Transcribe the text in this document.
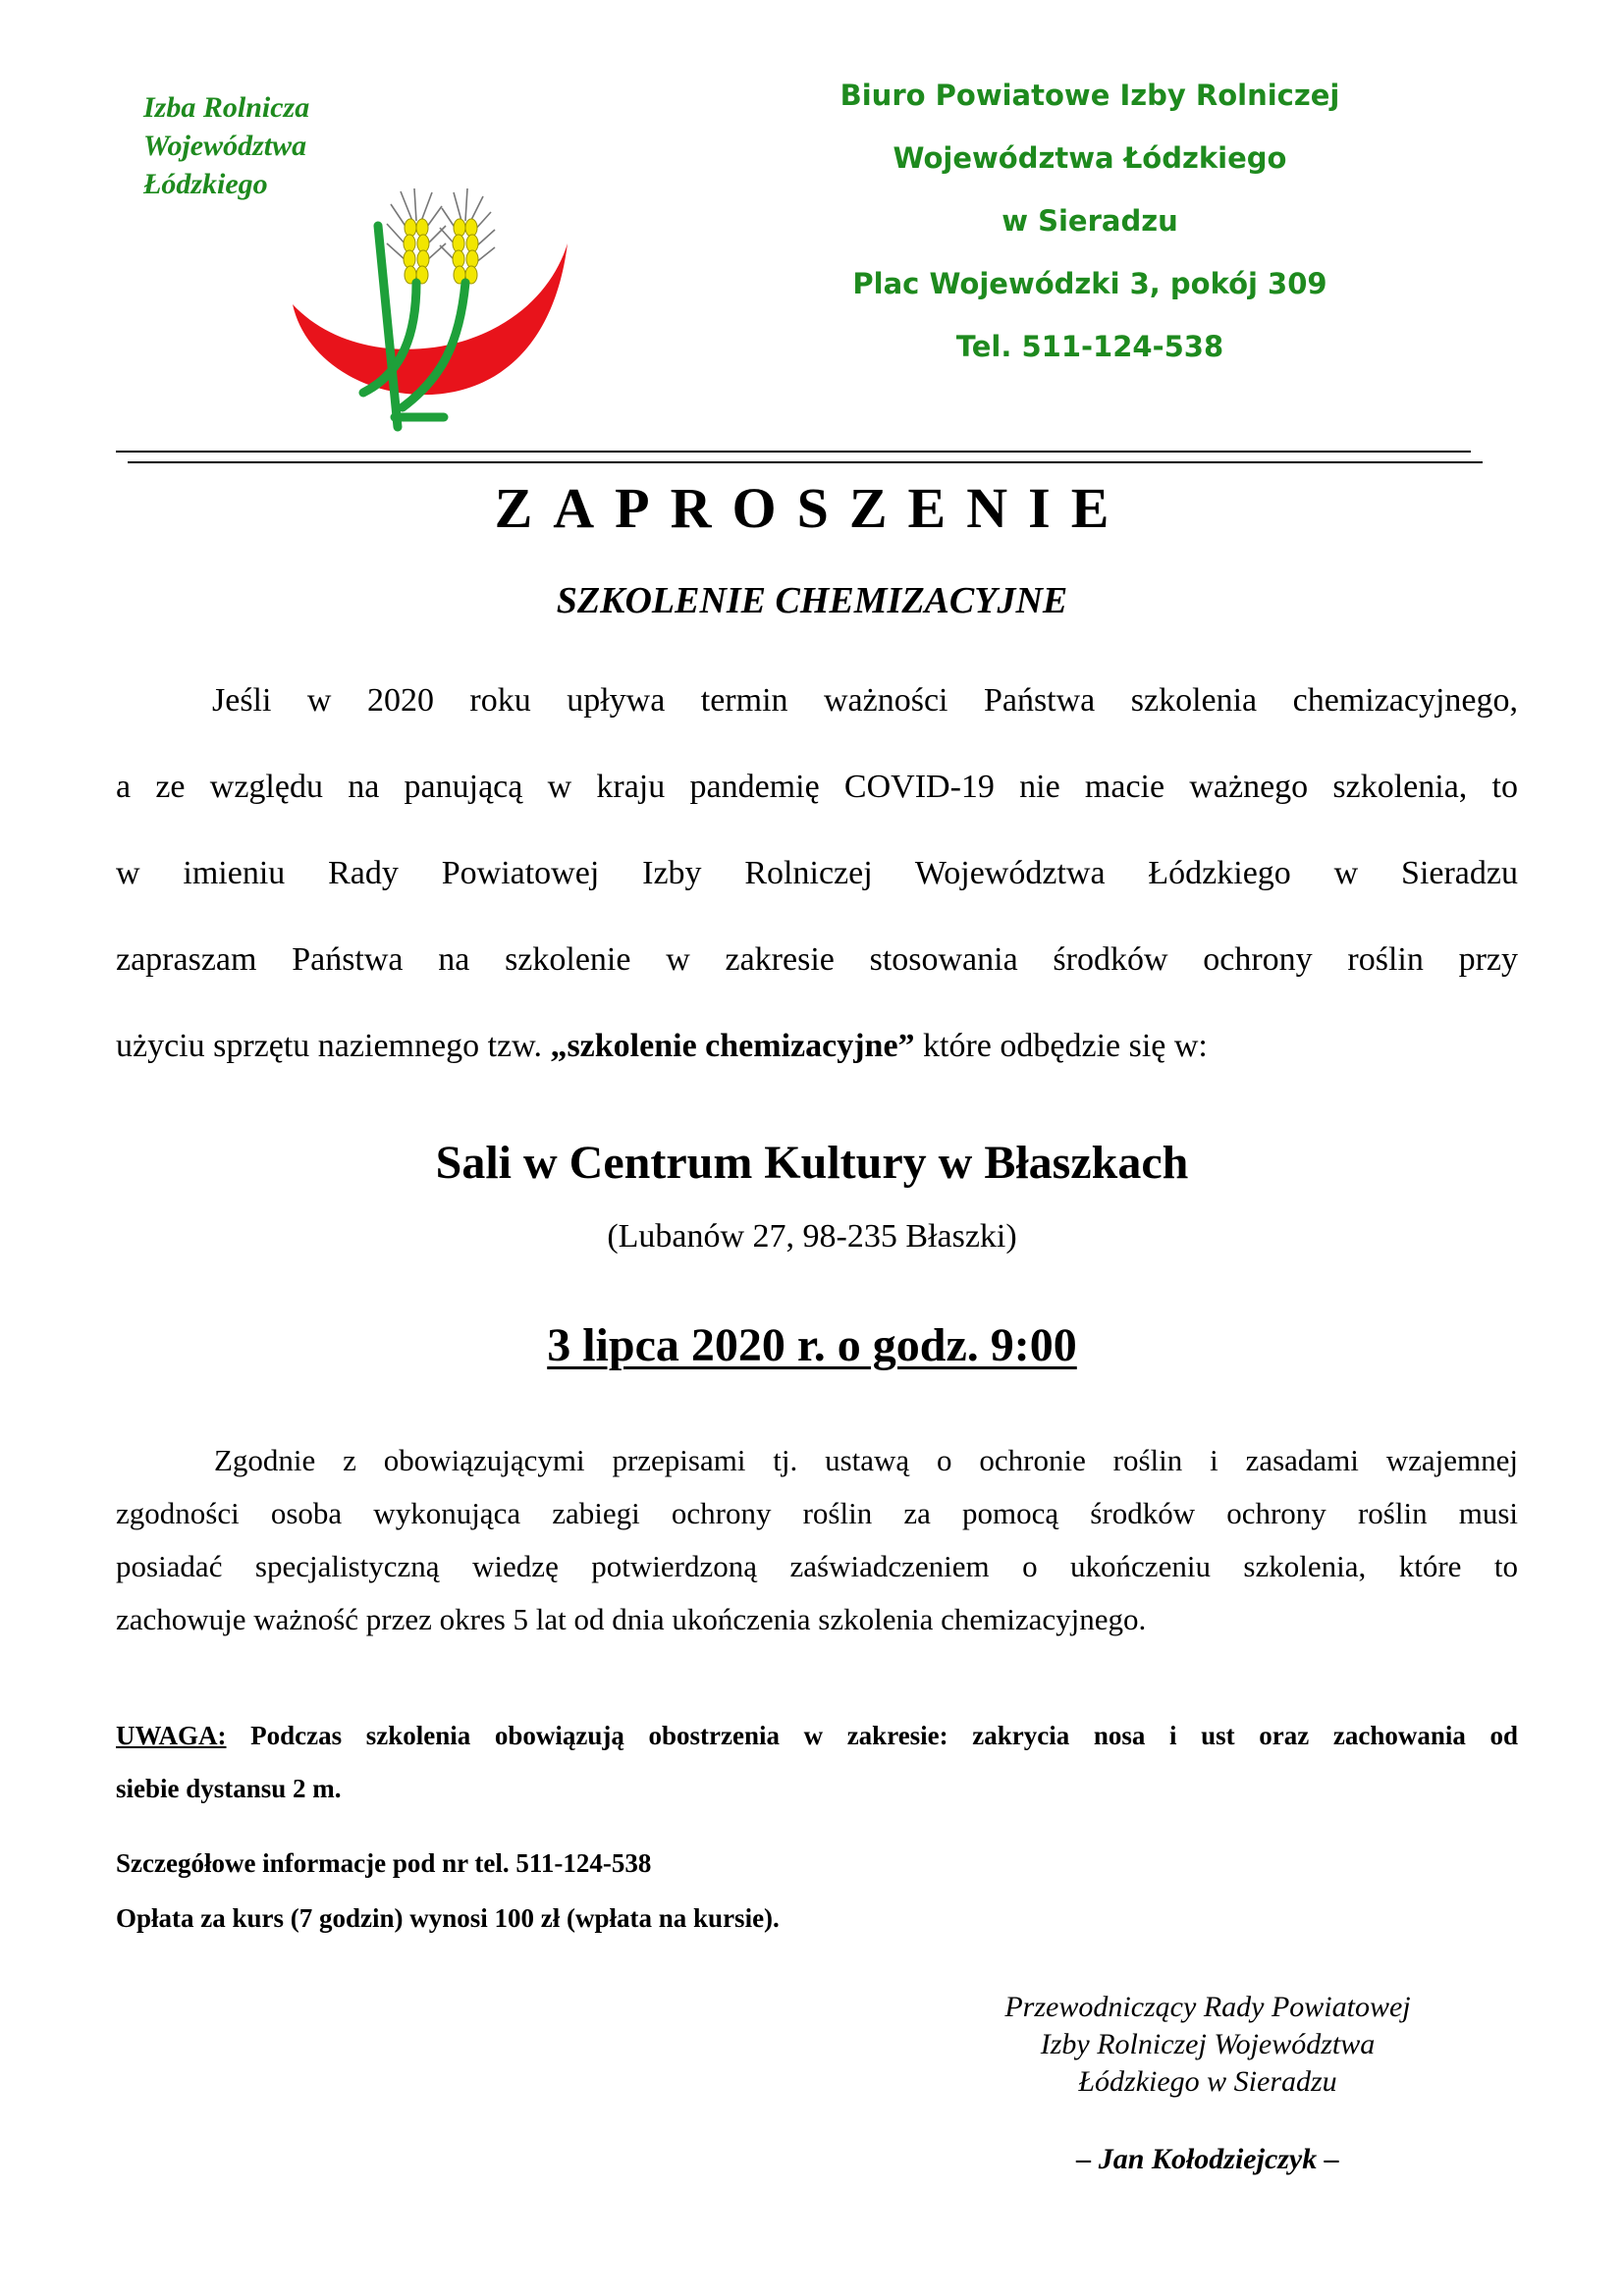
Izba Rolnicza
Województwa
Łódzkiego
Biuro Powiatowe Izby Rolniczej
Województwa Łódzkiego
w Sieradzu
Plac Wojewódzki 3, pokój 309
Tel. 511-124-538
ZAPROSZENIE
SZKOLENIE CHEMIZACYJNE
Jeśli w 2020 roku upływa termin ważności Państwa szkolenia chemizacyjnego,
a ze względu na panującą w kraju pandemię COVID-19 nie macie ważnego szkolenia, to
w imieniu Rady Powiatowej Izby Rolniczej Województwa Łódzkiego w Sieradzu
zapraszam Państwa na szkolenie w zakresie stosowania środków ochrony roślin przy
użyciu sprzętu naziemnego tzw. „szkolenie chemizacyjne” które odbędzie się w:
Sali w Centrum Kultury w Błaszkach
(Lubanów 27, 98-235 Błaszki)
3 lipca 2020 r. o godz. 9:00
Zgodnie z obowiązującymi przepisami tj. ustawą o ochronie roślin i zasadami wzajemnej
zgodności osoba wykonująca zabiegi ochrony roślin za pomocą środków ochrony roślin musi
posiadać specjalistyczną wiedzę potwierdzoną zaświadczeniem o ukończeniu szkolenia, które to
zachowuje ważność przez okres 5 lat od dnia ukończenia szkolenia chemizacyjnego.
UWAGA: Podczas szkolenia obowiązują obostrzenia w zakresie: zakrycia nosa i ust oraz zachowania od
siebie dystansu 2 m.
Szczegółowe informacje pod nr tel. 511-124-538
Opłata za kurs (7 godzin) wynosi 100 zł (wpłata na kursie).
Przewodniczący Rady Powiatowej
Izby Rolniczej Województwa
Łódzkiego w Sieradzu
– Jan Kołodziejczyk –
